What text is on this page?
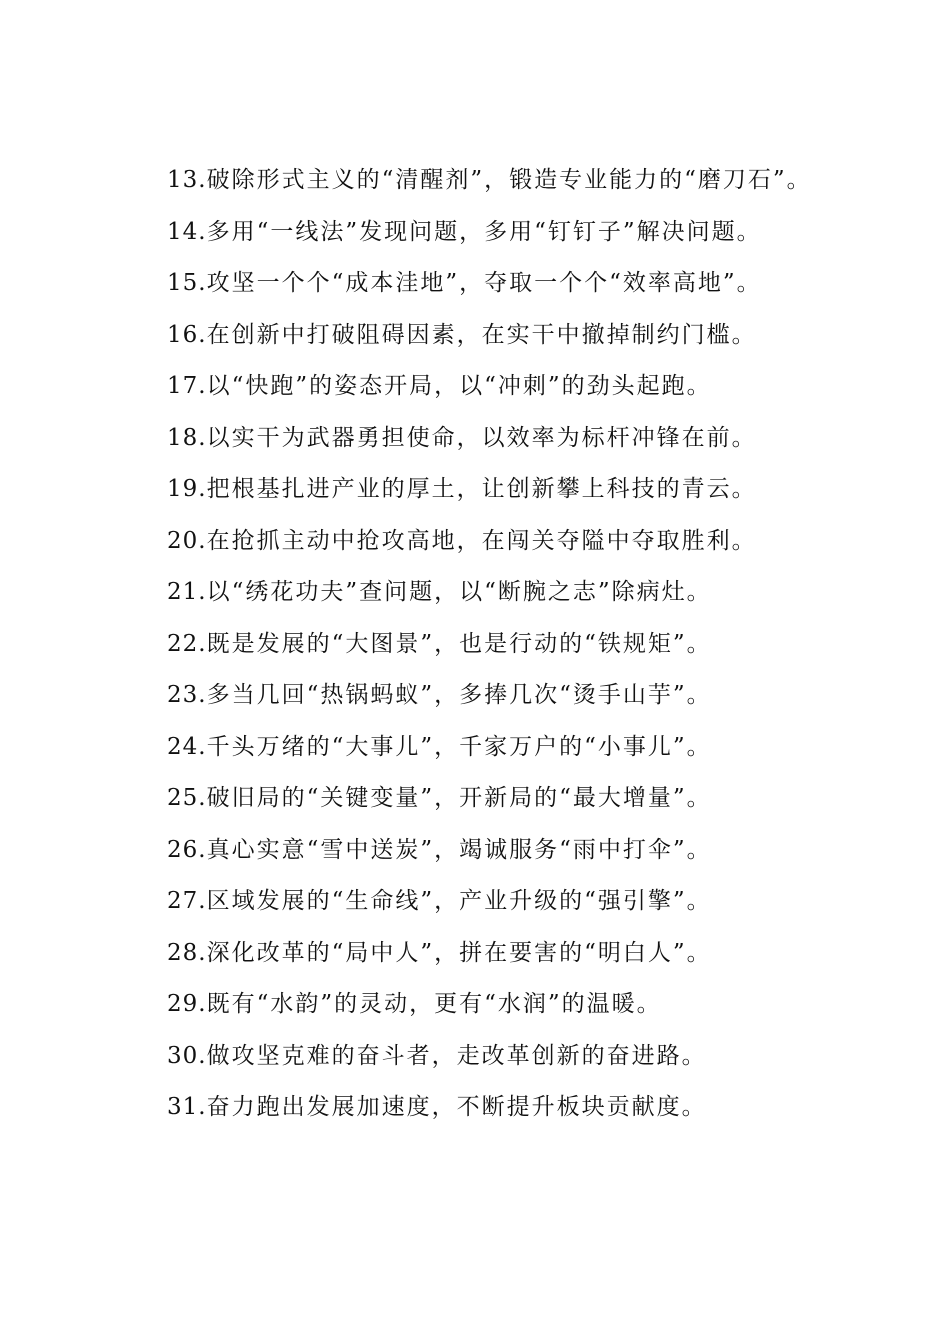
13.破除形式主义的“清醒剂”，锻造专业能力的“磨刀石”。

14.多用“一线法”发现问题，多用“钉钉子”解决问题。

15.攻坚一个个“成本洼地”，夺取一个个“效率高地”。

16.在创新中打破阻碍因素，在实干中撤掉制约门槛。

17.以“快跑”的姿态开局，以“冲刺”的劲头起跑。

18.以实干为武器勇担使命，以效率为标杆冲锋在前。

19.把根基扎进产业的厚土，让创新攀上科技的青云。

20.在抢抓主动中抢攻高地，在闯关夺隘中夺取胜利。

21.以“绣花功夫”查问题，以“断腕之志”除病灶。

22.既是发展的“大图景”，也是行动的“铁规矩”。

23.多当几回“热锅蚂蚁”，多捧几次“烫手山芋”。

24.千头万绪的“大事儿”，千家万户的“小事儿”。

25.破旧局的“关键变量”，开新局的“最大增量”。

26.真心实意“雪中送炭”，竭诚服务“雨中打伞”。

27.区域发展的“生命线”，产业升级的“强引擎”。

28.深化改革的“局中人”，拼在要害的“明白人”。

29.既有“水韵”的灵动，更有“水润”的温暖。

30.做攻坚克难的奋斗者，走改革创新的奋进路。

31.奋力跑出发展加速度，不断提升板块贡献度。
